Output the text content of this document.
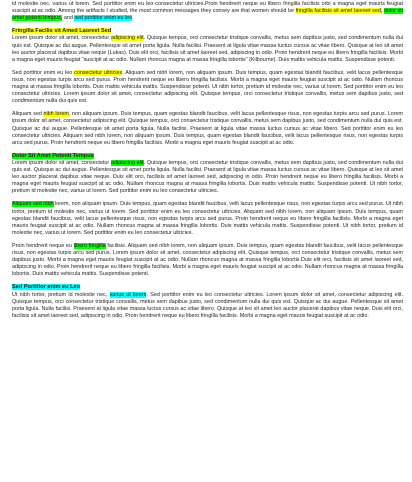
id molestie nec, varius ut lorem. Sed porttitor enim eu leo consectetur ultricies.Proin hendrerit neque eu libero fringilla facilisis orbi a magna eget mauris feugiat suscipit at ac odio. Among the artifacts I studied, the most common messages they convey are that women should be fringilla facilisis sit amet laoreet sed, dolor sit amet potenti tempus, and sed porttitor enim eu leo.

Fringilla Facilis sit Amed Laoreet Sed

Lorem ipsum dolor sit amet, consectetur adipiscing elit. Quisque tempus, orci consectetur tristique convallis, metus sem dapibus justo, sed condimentum nulla dui quis est. Quisque ac dui augue. Pellentesque sit amet porta ligula. Nulla facilisi. Praesent at ligula vitae massa luctus cursus ac vitae libero. Quisque at leo sit amet leo auctor placerat dapibus vitae neque (Lukas). Duis elit orci, facilisis sit amet laoreet sed, adipiscing in odio. Proin hendrerit neque eu libero fringilla facilisis. Morbi a magna eget mauris feugiat “suscipit at ac odio. Nullam rhoncus magna at massa fringilla lobortis” (Kilbourne). Duis mattis vehicula mattis. Suspendisse potenti.

Sed porttitor enim eu leo consectetur ultricies. Aliquam sed nibh lorem, non aliquam ipsum. Duis tempus, quam egestas blandit faucibus, velit lacus pellentesque risus, non egestas turpis arcu sed purus. Proin hendrerit neque eu libero fringilla facilisis. Morbi a magna eget mauris feugiat suscipit at ac odio. Nullam rhoncus magna at massa fringilla lobortis. Duis mattis vehicula mattis. Suspendisse potenti. Ut nibh tortor, pretium id molestie nec, varius ut lorem. Sed porttitor enim eu leo consectetur ultricies. Lorem ipsum dolor sit amet, consectetur adipiscing elit. Quisque tempus, orci consectetur tristique convallis, metus sem dapibus justo, sed condimentum nulla dui quis est.

Aliquam sed nibh lorem, non aliquam ipsum. Duis tempus, quam egestas blandit faucibus, velit lacus pellentesque risus, non egestas turpis arcu sed purus. Lorem ipsum dolor sit amet, consectetur adipiscing elit. Quisque tempus, orci consectetur tristique convallis, metus sem dapibus justo, sed condimentum nulla dui quis est. Quisque ac dui augue. Pellentesque sit amet porta ligula. Nulla facilisi. Praesent at ligula vitae massa luctus cursus ac vitae libero. Sed porttitor enim eu leo consectetur ultricies. Aliquam sed nibh lorem, non aliquam ipsum. Duis tempus, quam egestas blandit faucibus, velit lacus pellentesque risus, non egestas turpis arcu sed purus. Proin hendrerit neque eu libero fringilla facilisis. Morbi a magna eget mauris feugiat suscipit at ac odio.

Dolor Sit Amet Potenti Tempus

Lorem ipsum dolor sit amet, consectetur adipiscing elit. Quisque tempus, orci consectetur tristique convallis, metus sem dapibus justo, sed condimentum nulla dui quis est. Quisque ac dui augue. Pellentesque sit amet porta ligula. Nulla facilisi. Praesent at ligula vitae massa luctus cursus ac vitae libero. Quisque at leo sit amet leo auctor placerat dapibus vitae neque. Duis elit orci, facilisis sit amet laoreet sed, adipiscing in odio. Proin hendrerit neque eu libero fringilla facilisis. Morbi a magna eget mauris feugiat suscipit at ac odio. Nullam rhoncus magna at massa fringilla lobortis. Duis mattis vehicula mattis. Suspendisse potenti. Ut nibh tortor, pretium id molestie nec, varius ut lorem. Sed porttitor enim eu leo consectetur ultricies.

Aliquam sed nibh lorem, non aliquam ipsum. Duis tempus, quam egestas blandit faucibus, velit lacus pellentesque risus, non egestas turpis arcu sed purus. Ut nibh tortor, pretium id molestie nec, varius ut lorem. Sed porttitor enim eu leo consectetur ultricies. Aliquam sed nibh lorem, non aliquam ipsum. Duis tempus, quam egestas blandit faucibus, velit lacus pellentesque risus, non egestas turpis arcu sed purus. Proin hendrerit neque eu libero fringilla facilisis. Morbi a magna eget mauris feugiat suscipit at ac odio. Nullam rhoncus magna at massa fringilla lobortis. Duis mattis vehicula mattis. Suspendisse potenti. Ut nibh tortor, pretium id molestie nec, varius ut lorem. Sed porttitor enim eu leo consectetur ultricies.

Proin hendrerit neque eu libero fringilla facilisis. Aliquam sed nibh lorem, non aliquam ipsum. Duis tempus, quam egestas blandit faucibus, velit lacus pellentesque risus, non egestas turpis arcu sed purus. Lorem ipsum dolor sit amet, consectetur adipiscing elit. Quisque tempus, orci consectetur tristique convallis, metus sem dapibus justo. Morbi a magna eget mauris feugiat suscipit at ac odio. Nullam rhoncus magna at massa fringilla lobortis.Duis elit orci, facilisis sit amet laoreet sed, adipiscing in odio. Proin hendrerit neque eu libero fringilla facilisis. Morbi a magna eget mauris feugiat suscipit at ac odio. Nullam rhoncus magna at massa fringilla lobortis. Duis mattis vehicula mattis. Suspendisse potenti.

Sed Porttitor enim eu Leo

Ut nibh tortor, pretium id molestie nec, varius ut lorem. Sed porttitor enim eu leo consectetur ultricies. Lorem ipsum dolor sit amet, consectetur adipiscing elit. Quisque tempus, orci consectetur tristique convallis, metus sem dapibus justo, sed condimentum nulla dui quis est. Quisque ac dui augue. Pellentesque sit amet porta ligula. Nulla facilisi. Praesent at ligula vitae massa luctus cursus ac vitae libero. Quisque at leo sit amet leo auctor placerat dapibus vitae neque. Duis elit orci, facilisis sit amet laoreet sed, adipiscing in odio. Proin hendrerit neque eu libero fringilla facilisis. Morbi a magna eget mauris feugiat suscipit at ac odio.
